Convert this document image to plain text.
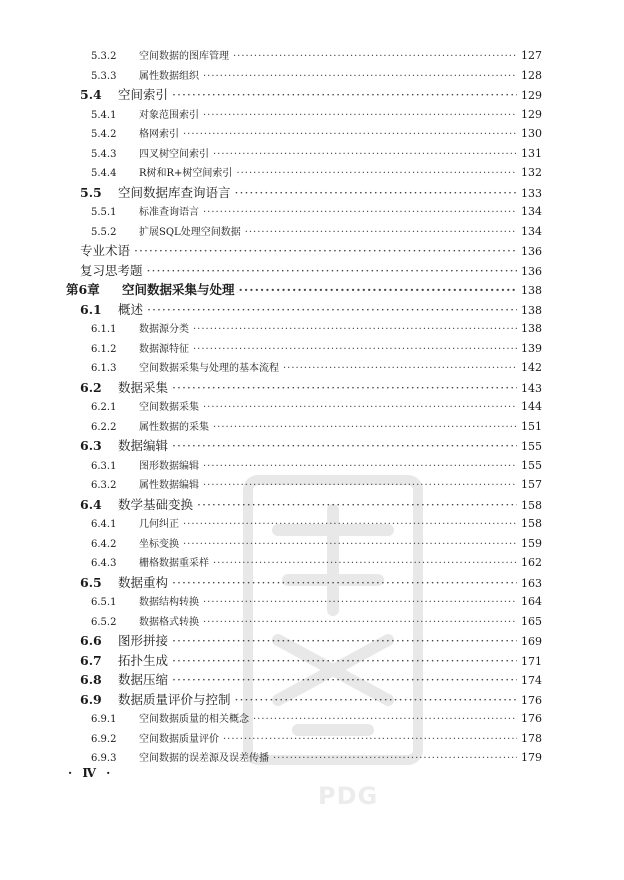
PDG
5.3.2	空间数据的图库管理 ·····	127
5.3.3	属性数据组织 ·····	128
5.4	空间索引 ·····	129
5.4.1	对象范围索引 ·····	129
5.4.2	格网索引 ·····	130
5.4.3	四叉树空间索引 ·····	131
5.4.4	R树和R+树空间索引 ·····	132
5.5	空间数据库查询语言 ·····	133
5.5.1	标准查询语言 ·····	134
5.5.2	扩展SQL处理空间数据 ·····	134
专业术语 ·····	136
复习思考题 ·····	136
第6章	空间数据采集与处理 ·····	138
6.1	概述 ·····	138
6.1.1	数据源分类 ·····	138
6.1.2	数据源特征 ·····	139
6.1.3	空间数据采集与处理的基本流程 ·····	142
6.2	数据采集 ·····	143
6.2.1	空间数据采集 ·····	144
6.2.2	属性数据的采集 ·····	151
6.3	数据编辑 ·····	155
6.3.1	图形数据编辑 ·····	155
6.3.2	属性数据编辑 ·····	157
6.4	数学基础变换 ·····	158
6.4.1	几何纠正 ·····	158
6.4.2	坐标变换 ·····	159
6.4.3	栅格数据重采样 ·····	162
6.5	数据重构 ·····	163
6.5.1	数据结构转换 ·····	164
6.5.2	数据格式转换 ·····	165
6.6	图形拼接 ·····	169
6.7	拓扑生成 ·····	171
6.8	数据压缩 ·····	174
6.9	数据质量评价与控制 ·····	176
6.9.1	空间数据质量的相关概念 ·····	176
6.9.2	空间数据质量评价 ·····	178
6.9.3	空间数据的误差源及误差传播 ·····	179
· Ⅳ ·
